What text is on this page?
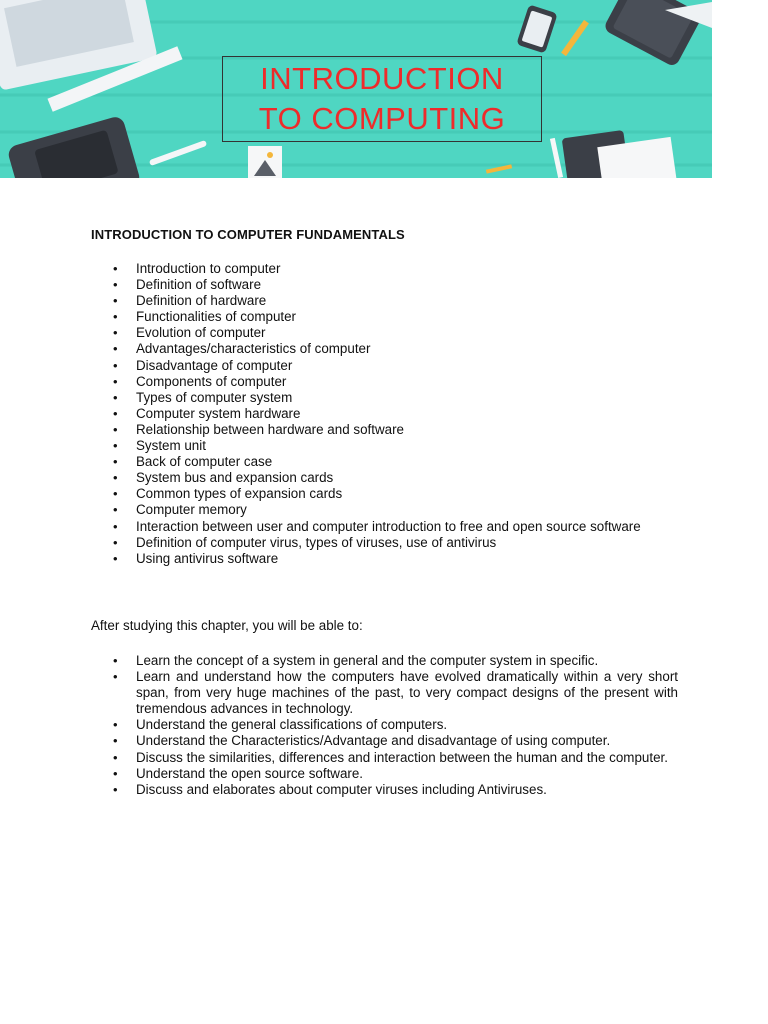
INTRODUCTION
TO COMPUTING
INTRODUCTION TO COMPUTER FUNDAMENTALS
• Introduction to computer
• Definition of software
• Definition of hardware
• Functionalities of computer
• Evolution of computer
• Advantages/characteristics of computer
• Disadvantage of computer
• Components of computer
• Types of computer system
• Computer system hardware
• Relationship between hardware and software
• System unit
• Back of computer case
• System bus and expansion cards
• Common types of expansion cards
• Computer memory
• Interaction between user and computer introduction to free and open source software
• Definition of computer virus, types of viruses, use of antivirus
• Using antivirus software
After studying this chapter, you will be able to:
• Learn the concept of a system in general and the computer system in specific.
• Learn and understand how the computers have evolved dramatically within a very short span, from very huge machines of the past, to very compact designs of the present with tremendous advances in technology.
• Understand the general classifications of computers.
• Understand the Characteristics/Advantage and disadvantage of using computer.
• Discuss the similarities, differences and interaction between the human and the computer.
• Understand the open source software.
• Discuss and elaborates about computer viruses including Antiviruses.
